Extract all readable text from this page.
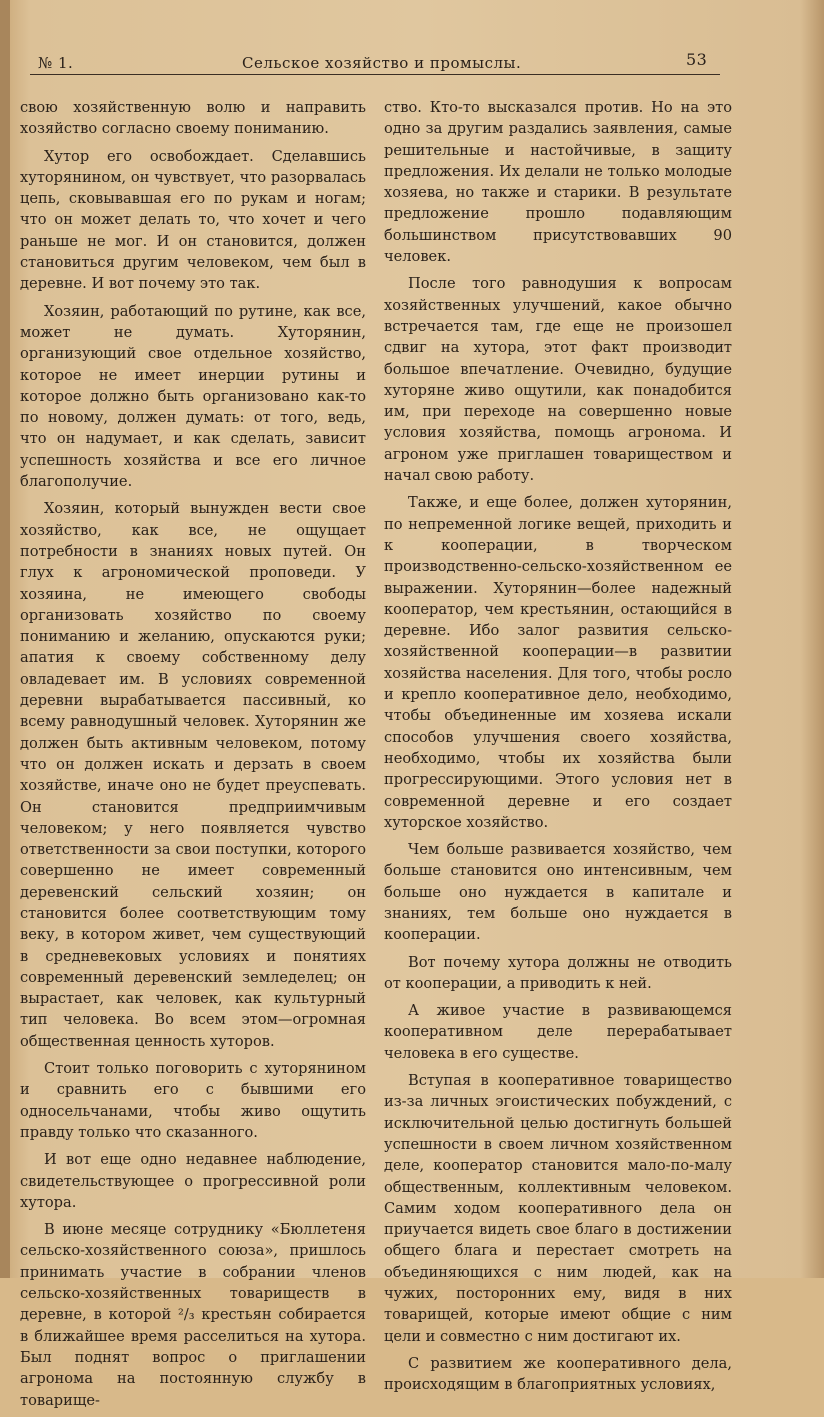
№ 1.	Сельское хозяйство и промыслы.	53

свою хозяйственную волю и направить хозяйство согласно своему пониманию.

Хутор его освобождает. Сделавшись хуторянином, он чувствует, что разорвалась цепь, сковывавшая его по рукам и ногам; что он может делать то, что хочет и чего раньше не мог. И он становится, должен становиться другим человеком, чем был в деревне. И вот почему это так.

Хозяин, работающий по рутине, как все, может не думать. Хуторянин, организующий свое отдельное хозяйство, которое не имеет инерции рутины и которое должно быть организовано как-то по новому, должен думать: от того, ведь, что он надумает, и как сделать, зависит успешность хозяйства и все его личное благополучие.

Хозяин, который вынужден вести свое хозяйство, как все, не ощущает потребности в знаниях новых путей. Он глух к агрономической проповеди. У хозяина, не имеющего свободы организовать хозяйство по своему пониманию и желанию, опускаются руки; апатия к своему собственному делу овладевает им. В условиях современной деревни вырабатывается пассивный, ко всему равнодушный человек. Хуторянин же должен быть активным человеком, потому что он должен искать и дерзать в своем хозяйстве, иначе оно не будет преуспевать. Он становится предприимчивым человеком; у него появляется чувство ответственности за свои поступки, которого совершенно не имеет современный деревенский сельский хозяин; он становится более соответствующим тому веку, в котором живет, чем существующий в средневековых условиях и понятиях современный деревенский земледелец; он вырастает, как человек, как культурный тип человека. Во всем этом—огромная общественная ценность хуторов.

Стоит только поговорить с хуторянином и сравнить его с бывшими его односельчанами, чтобы живо ощутить правду только что сказанного.

И вот еще одно недавнее наблюдение, свидетельствующее о прогрессивной роли хутора.

В июне месяце сотруднику «Бюллетеня сельско-хозяйственного союза», пришлось принимать участие в собрании членов сельско-хозяйственных товариществ в деревне, в которой ²/₃ крестьян собирается в ближайшее время расселиться на хутора. Был поднят вопрос о приглашении агронома на постоянную службу в товарище-

ство. Кто-то высказался против. Но на это одно за другим раздались заявления, самые решительные и настойчивые, в защиту предложения. Их делали не только молодые хозяева, но также и старики. В результате предложение прошло подавляющим большинством присутствовавших 90 человек.

После того равнодушия к вопросам хозяйственных улучшений, какое обычно встречается там, где еще не произошел сдвиг на хутора, этот факт производит большое впечатление. Очевидно, будущие хуторяне живо ощутили, как понадобится им, при переходе на совершенно новые условия хозяйства, помощь агронома. И агроном уже приглашен товариществом и начал свою работу.

Также, и еще более, должен хуторянин, по непременной логике вещей, приходить и к кооперации, в творческом производственно-сельско-хозяйственном ее выражении. Хуторянин—более надежный кооператор, чем крестьянин, остающийся в деревне. Ибо залог развития сельско-хозяйственной кооперации—в развитии хозяйства населения. Для того, чтобы росло и крепло кооперативное дело, необходимо, чтобы объединенные им хозяева искали способов улучшения своего хозяйства, необходимо, чтобы их хозяйства были прогрессирующими. Этого условия нет в современной деревне и его создает хуторское хозяйство.

Чем больше развивается хозяйство, чем больше становится оно интенсивным, чем больше оно нуждается в капитале и знаниях, тем больше оно нуждается в кооперации.

Вот почему хутора должны не отводить от кооперации, а приводить к ней.

А живое участие в развивающемся кооперативном деле перерабатывает человека в его существе.

Вступая в кооперативное товарищество из-за личных эгоистических побуждений, с исключительной целью достигнуть большей успешности в своем личном хозяйственном деле, кооператор становится мало-по-малу общественным, коллективным человеком. Самим ходом кооперативного дела он приучается видеть свое благо в достижении общего блага и перестает смотреть на объединяющихся с ним людей, как на чужих, посторонних ему, видя в них товарищей, которые имеют общие с ним цели и совместно с ним достигают их.

С развитием же кооперативного дела, происходящим в благоприятных условиях,
